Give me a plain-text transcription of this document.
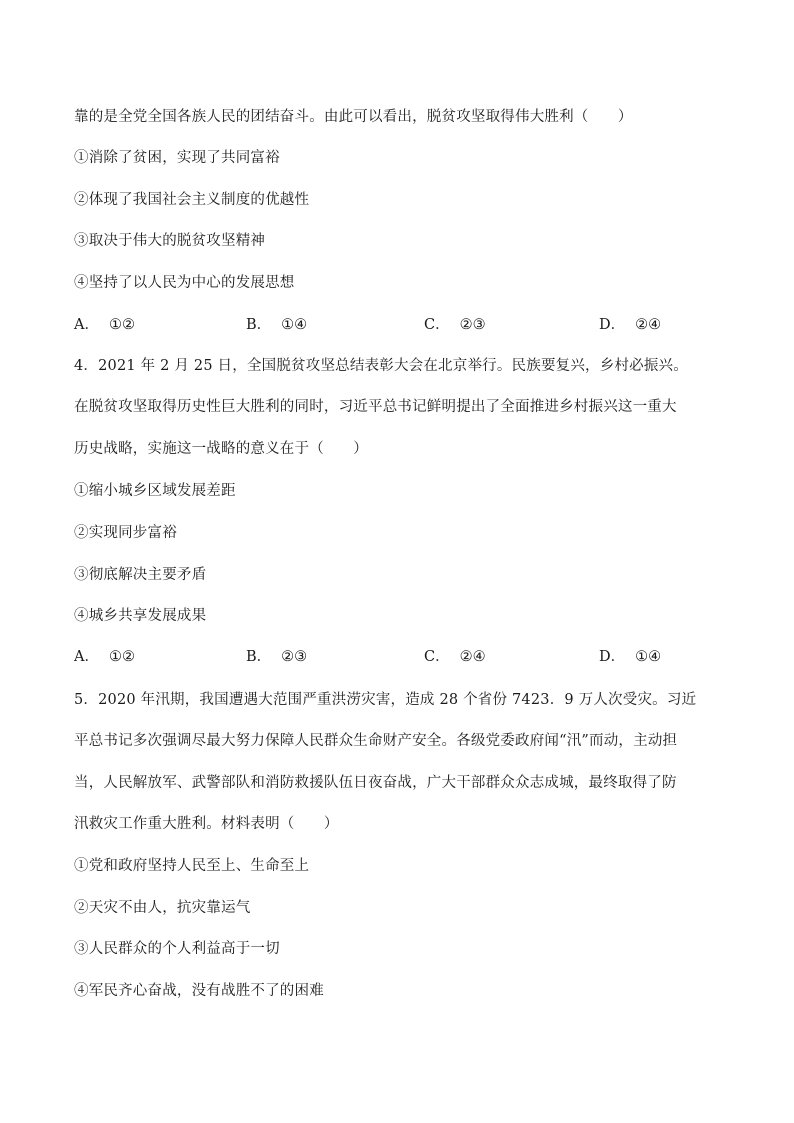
靠的是全党全国各族人民的团结奋斗。由此可以看出，脱贫攻坚取得伟大胜利（　　）
①消除了贫困，实现了共同富裕
②体现了我国社会主义制度的优越性
③取决于伟大的脱贫攻坚精神
④坚持了以人民为中心的发展思想
A． ①②	B． ①④	C． ②③	D． ②④
4．2021 年 2 月 25 日，全国脱贫攻坚总结表彰大会在北京举行。民族要复兴，乡村必振兴。
在脱贫攻坚取得历史性巨大胜利的同时，习近平总书记鲜明提出了全面推进乡村振兴这一重大
历史战略，实施这一战略的意义在于（　　）
①缩小城乡区域发展差距
②实现同步富裕
③彻底解决主要矛盾
④城乡共享发展成果
A． ①②	B． ②③	C． ②④	D． ①④
5．2020 年汛期，我国遭遇大范围严重洪涝灾害，造成 28 个省份 7423．9 万人次受灾。习近
平总书记多次强调尽最大努力保障人民群众生命财产安全。各级党委政府闻“汛”而动，主动担
当，人民解放军、武警部队和消防救援队伍日夜奋战，广大干部群众众志成城，最终取得了防
汛救灾工作重大胜利。材料表明（　　）
①党和政府坚持人民至上、生命至上
②天灾不由人，抗灾靠运气
③人民群众的个人利益高于一切
④军民齐心奋战，没有战胜不了的困难
